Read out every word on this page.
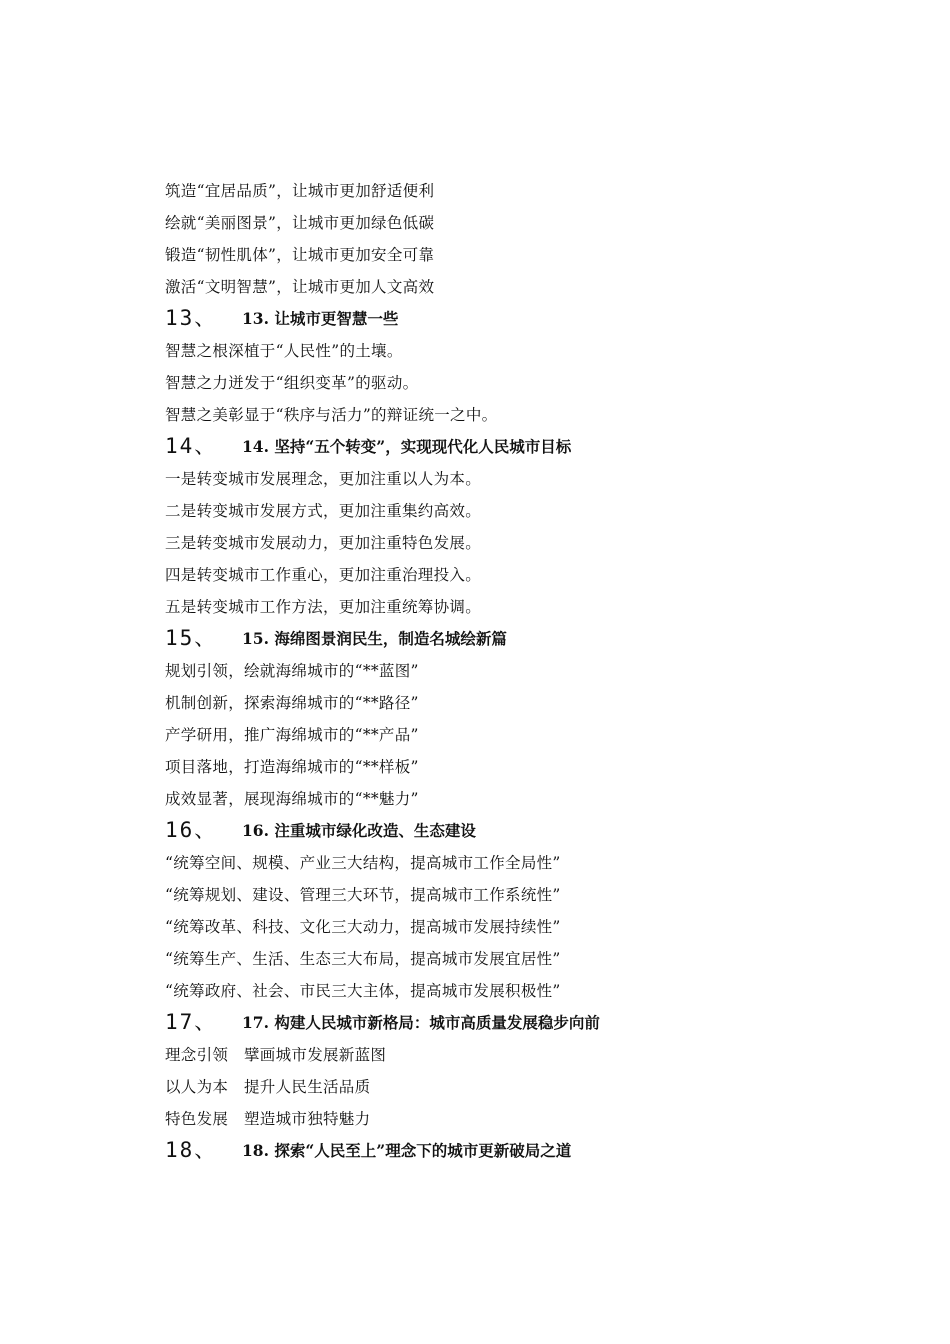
筑造“宜居品质”，让城市更加舒适便利
绘就“美丽图景”，让城市更加绿色低碳
锻造“韧性肌体”，让城市更加安全可靠
激活“文明智慧”，让城市更加人文高效
13、 13. 让城市更智慧一些
智慧之根深植于“人民性”的土壤。
智慧之力迸发于“组织变革”的驱动。
智慧之美彰显于“秩序与活力”的辩证统一之中。
14、 14. 坚持“五个转变”，实现现代化人民城市目标
一是转变城市发展理念，更加注重以人为本。
二是转变城市发展方式，更加注重集约高效。
三是转变城市发展动力，更加注重特色发展。
四是转变城市工作重心，更加注重治理投入。
五是转变城市工作方法，更加注重统筹协调。
15、 15. 海绵图景润民生，制造名城绘新篇
规划引领，绘就海绵城市的“**蓝图”
机制创新，探索海绵城市的“**路径”
产学研用，推广海绵城市的“**产品”
项目落地，打造海绵城市的“**样板”
成效显著，展现海绵城市的“**魅力”
16、 16. 注重城市绿化改造、生态建设
“统筹空间、规模、产业三大结构，提高城市工作全局性”
“统筹规划、建设、管理三大环节，提高城市工作系统性”
“统筹改革、科技、文化三大动力，提高城市发展持续性”
“统筹生产、生活、生态三大布局，提高城市发展宜居性”
“统筹政府、社会、市民三大主体，提高城市发展积极性”
17、 17. 构建人民城市新格局：城市高质量发展稳步向前
理念引领　擘画城市发展新蓝图
以人为本　提升人民生活品质
特色发展　塑造城市独特魅力
18、 18. 探索“人民至上”理念下的城市更新破局之道
